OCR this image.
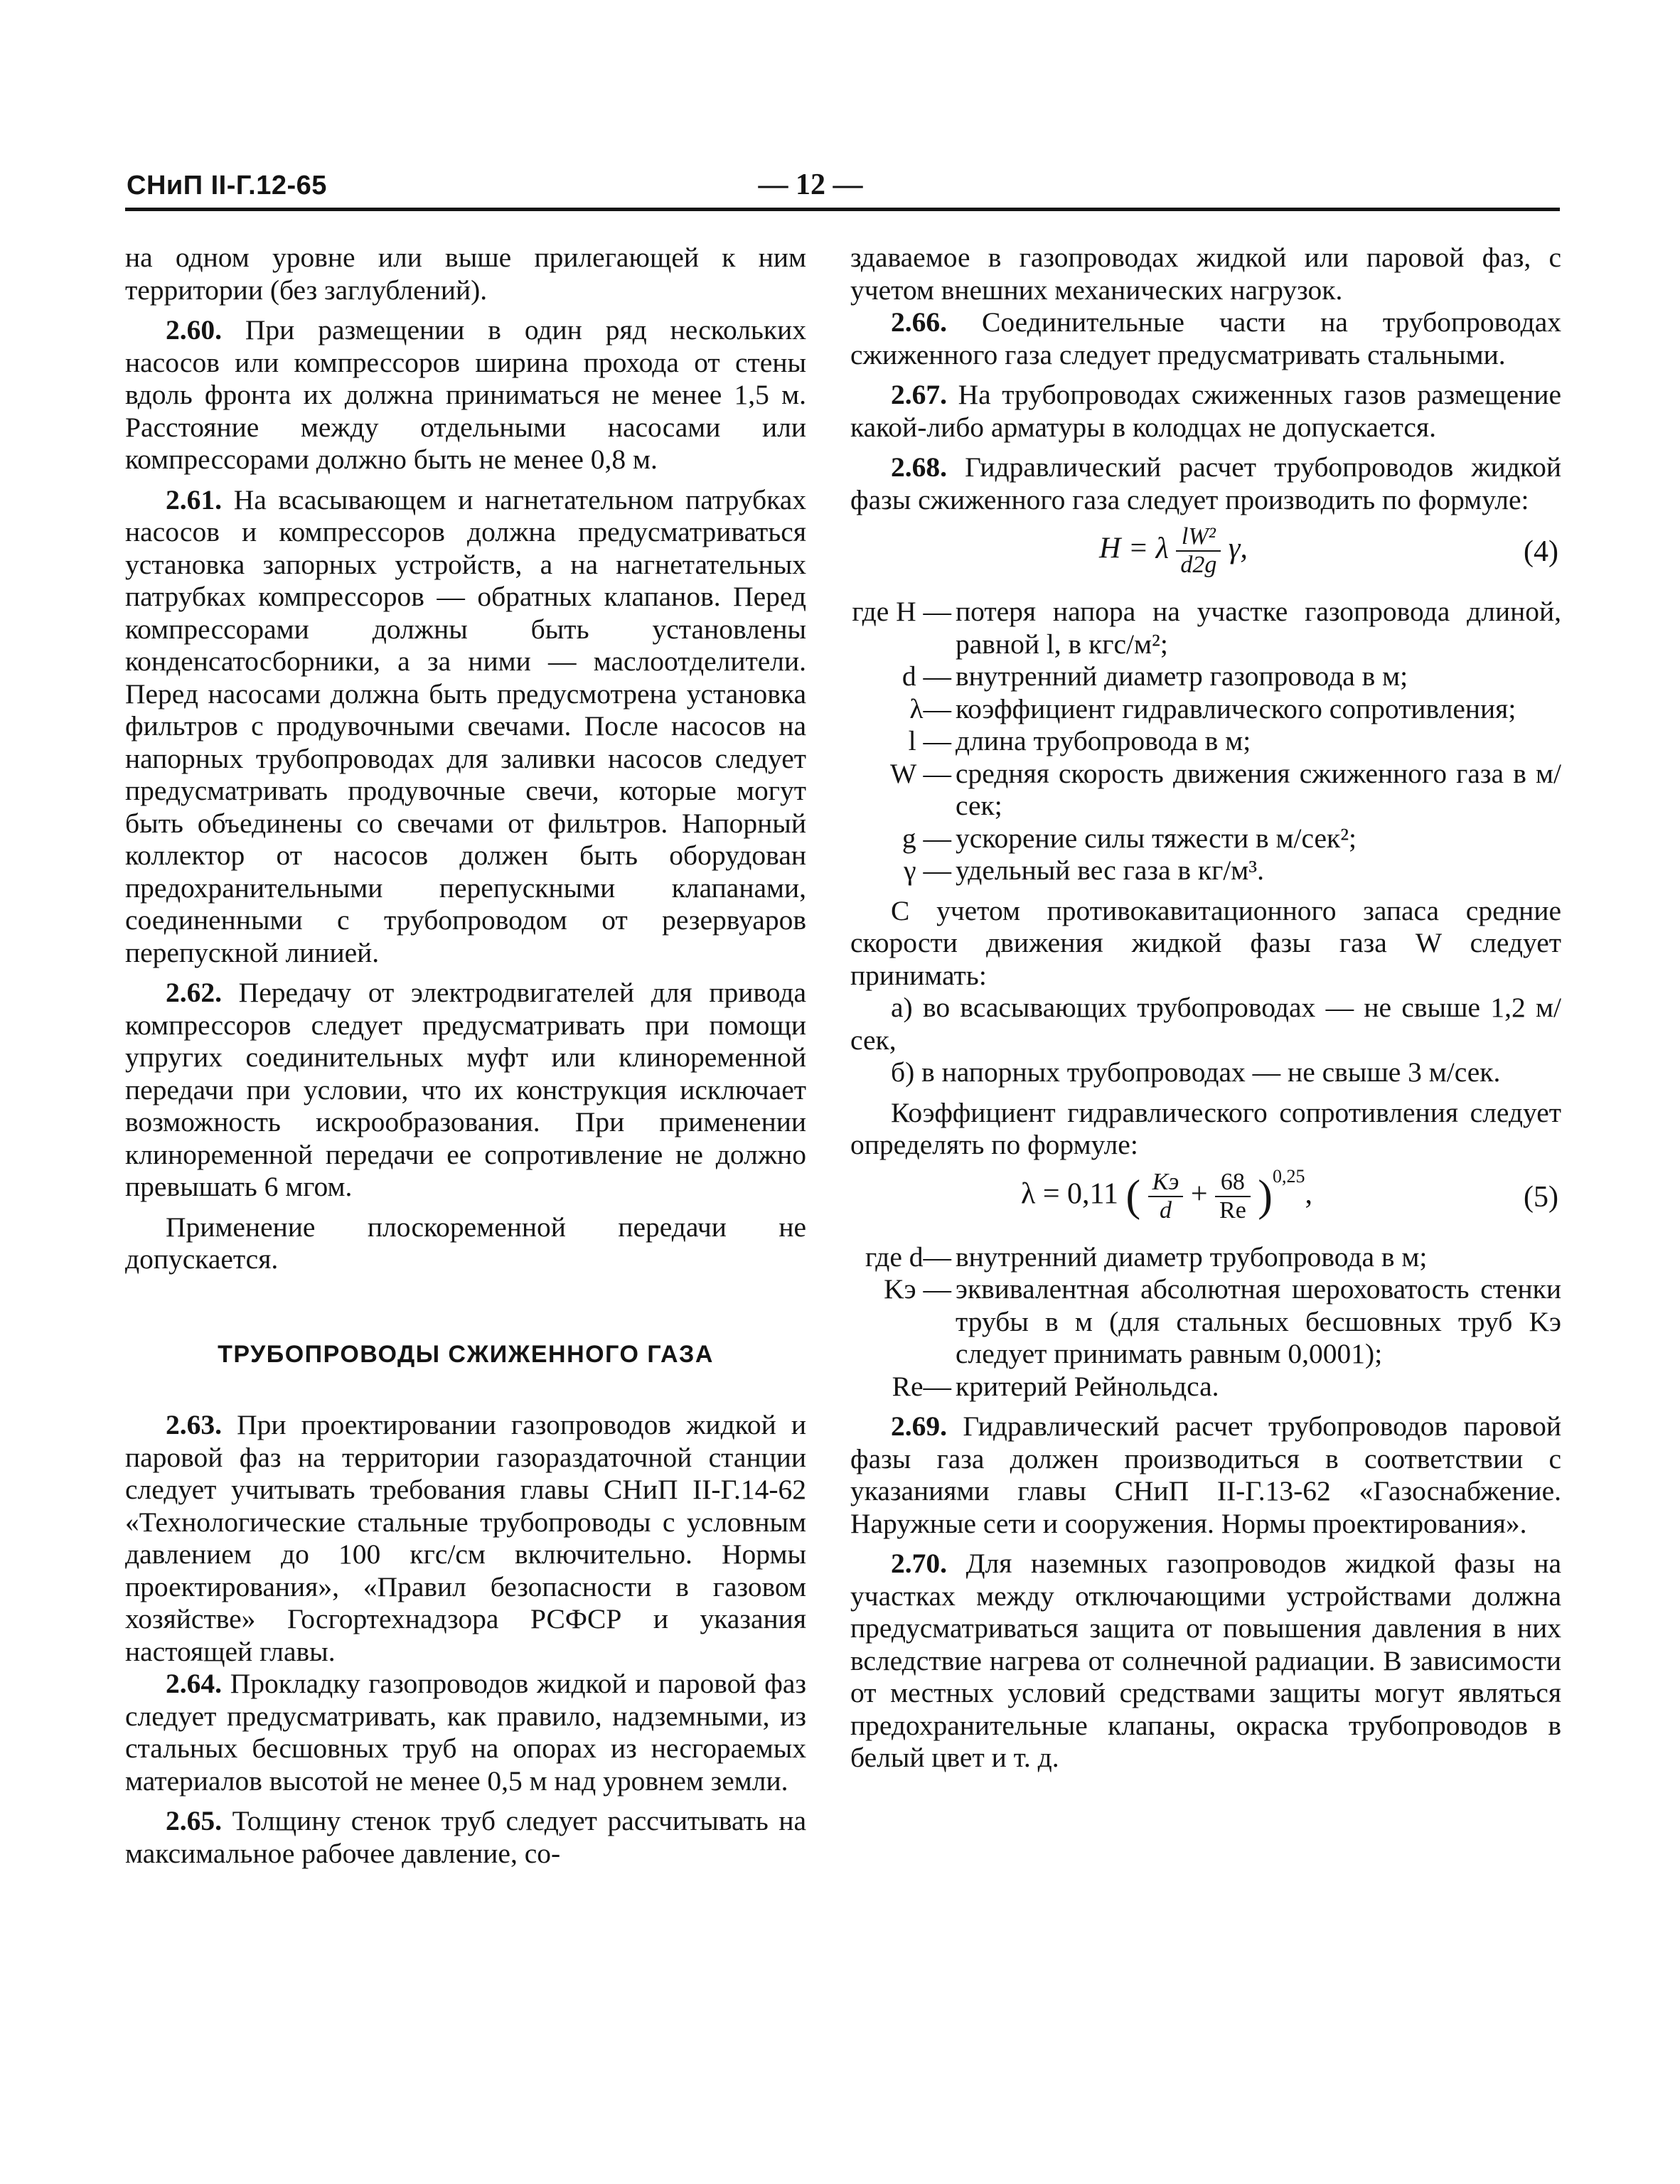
СНиП II-Г.12-65	— 12 —

на одном уровне или выше прилегающей к ним территории (без заглублений).

2.60. При размещении в один ряд нескольких насосов или компрессоров ширина прохода от стены вдоль фронта их должна приниматься не менее 1,5 м. Расстояние между отдельными насосами или компрессорами должно быть не менее 0,8 м.

2.61. На всасывающем и нагнетательном патрубках насосов и компрессоров должна предусматриваться установка запорных устройств, а на нагнетательных патрубках компрессоров — обратных клапанов. Перед компрессорами должны быть установлены конденсатосборники, а за ними — маслоотделители. Перед насосами должна быть предусмотрена установка фильтров с продувочными свечами. После насосов на напорных трубопроводах для заливки насосов следует предусматривать продувочные свечи, которые могут быть объединены со свечами от фильтров. Напорный коллектор от насосов должен быть оборудован предохранительными перепускными клапанами, соединенными с трубопроводом от резервуаров перепускной линией.

2.62. Передачу от электродвигателей для привода компрессоров следует предусматривать при помощи упругих соединительных муфт или клиноременной передачи при условии, что их конструкция исключает возможность искрообразования. При применении клиноременной передачи ее сопротивление не должно превышать 6 мгом.

Применение плоскоременной передачи не допускается.

ТРУБОПРОВОДЫ СЖИЖЕННОГО ГАЗА

2.63. При проектировании газопроводов жидкой и паровой фаз на территории газораздаточной станции следует учитывать требования главы СНиП II-Г.14-62 «Технологические стальные трубопроводы с условным давлением до 100 кгс/см включительно. Нормы проектирования», «Правил безопасности в газовом хозяйстве» Госгортехнадзора РСФСР и указания настоящей главы.

2.64. Прокладку газопроводов жидкой и паровой фаз следует предусматривать, как правило, надземными, из стальных бесшовных труб на опорах из несгораемых материалов высотой не менее 0,5 м над уровнем земли.

2.65. Толщину стенок труб следует рассчитывать на максимальное рабочее давление, со-

здаваемое в газопроводах жидкой или паровой фаз, с учетом внешних механических нагрузок.

2.66. Соединительные части на трубопроводах сжиженного газа следует предусматривать стальными.

2.67. На трубопроводах сжиженных газов размещение какой-либо арматуры в колодцах не допускается.

2.68. Гидравлический расчет трубопроводов жидкой фазы сжиженного газа следует производить по формуле:

H = λ $\frac{\text{lW²}}{d2g} \gamma$,	(4)
где H — потеря напора на участке газопровода длиной, равной l, в кгс/м²;
d — внутренний диаметр газопровода в м;
λ— коэффициент гидравлического сопротивления;
l — длина трубопровода в м;
W — средняя скорость движения сжиженного газа в м/сек;
g — ускорение силы тяжести в м/сек²;
γ — удельный вес газа в кг/м³.

С учетом противокавитационного запаса средние скорости движения жидкой фазы газа W следует принимать:

а) во всасывающих трубопроводах — не свыше 1,2 м/сек,

б) в напорных трубопроводах — не свыше 3 м/сек.

Коэффициент гидравлического сопротивления следует определять по формуле:

λ = 0,11 ( $\frac{Kэ}{d} + \frac{68}{Re} )^{0,25}$,	(5)
где d— внутренний диаметр трубопровода в м;
Kэ — эквивалентная абсолютная шероховатость стенки трубы в м (для стальных бесшовных труб Kэ следует принимать равным 0,0001);
Re— критерий Рейнольдса.

2.69. Гидравлический расчет трубопроводов паровой фазы газа должен производиться в соответствии с указаниями главы СНиП II-Г.13-62 «Газоснабжение. Наружные сети и сооружения. Нормы проектирования».

2.70. Для наземных газопроводов жидкой фазы на участках между отключающими устройствами должна предусматриваться защита от повышения давления в них вследствие нагрева от солнечной радиации. В зависимости от местных условий средствами защиты могут являться предохранительные клапаны, окраска трубопроводов в белый цвет и т. д.
